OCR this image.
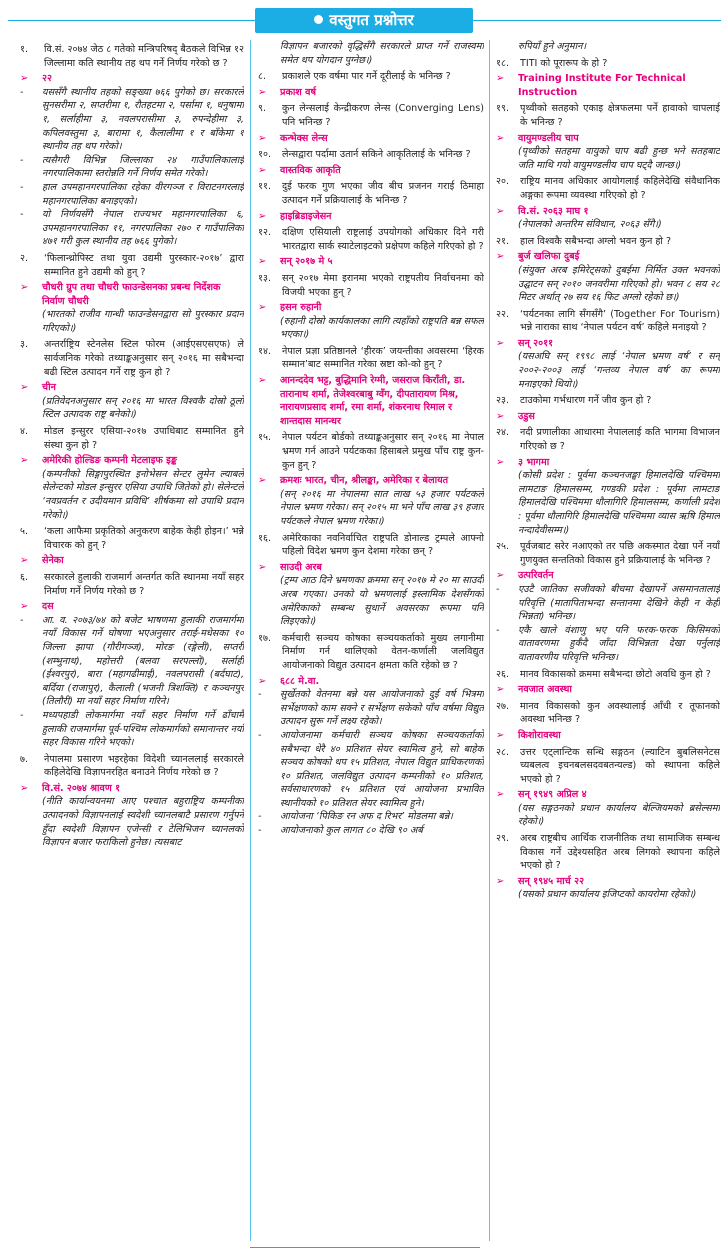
वस्तुगत प्रश्नोत्तर
१.	वि.सं. २०७४ जेठ ८ गतेको मन्त्रिपरिषद् बैठकले विभिन्न १२ जिल्लामा कति स्थानीय तह थप गर्ने निर्णय गरेको छ ?
➢	२२
-	यससँगै स्थानीय तहको सङ्ख्या ७६६ पुगेको छ। सरकारले सुनसरीमा २, सप्तरीमा १, रौतहटमा २, पर्सामा १, धनुषामा १, सर्लाहीमा ३, नवलपरासीमा ३, रुपन्देहीमा ३, कपिलवस्तुमा ३, बारामा १, कैलालीमा १ र बाँकेमा १ स्थानीय तह थप गरेको।
-	त्यसैगरी विभिन्न जिल्लाका २४ गाउँपालिकालाई नगरपालिकामा स्तरोन्नति गर्ने निर्णय समेत गरेको।
-	हाल उपमहानगरपालिका रहेका वीरगञ्ज र विराटनगरलाई महानगरपालिका बनाइएको।
-	यो निर्णयसँगै नेपाल राज्यभर महानगरपालिका ६, उपमहानगरपालिका ११, नगरपालिका २७० र गाउँपालिका ४७१ गरी कुल स्थानीय तह ७६६ पुगेको।
२.	‘फिलान्थ्रोपिस्ट तथा युवा उद्यमी पुरस्कार-२०१७’ द्वारा सम्मानित हुने उद्यमी को हुन् ?
➢	चौधरी ग्रुप तथा चौधरी फाउन्डेसनका प्रबन्ध निर्देशक निर्वाण चौधरी
(भारतको राजीव गान्धी फाउन्डेसनद्वारा सो पुरस्कार प्रदान गरिएको।)
३.	अन्तर्राष्ट्रिय स्टेनलेस स्टिल फोरम (आईएसएसएफ) ले सार्वजनिक गरेको तथ्याङ्कअनुसार सन् २०१६ मा सबैभन्दा बढी स्टिल उत्पादन गर्ने राष्ट्र कुन हो ?
➢	चीन
(प्रतिवेदनअनुसार सन् २०१६ मा भारत विश्वकै दोस्रो ठूलो स्टिल उत्पादक राष्ट्र बनेको।)
४.	मोडल इन्सुरर एसिया-२०१७ उपाधिबाट सम्मानित हुने संस्था कुन हो ?
➢	अमेरिकी होल्डिङ कम्पनी मेटलाइफ इङ्क
(कम्पनीको सिङ्गापुरस्थित इनोभेसन सेन्टर लुमेन ल्याबले सेलेन्टको मोडल इन्सुरर एसिया उपाधि जितेको हो। सेलेन्टले ‘नवप्रवर्तन र उदीयमान प्रविधि’ शीर्षकमा सो उपाधि प्रदान गरेको।)
५.	‘कला आफैमा प्रकृतिको अनुकरण बाहेक केही होइन।’ भन्ने विचारक को हुन् ?
➢	सेनेका
६.	सरकारले हुलाकी राजमार्ग अन्तर्गत कति स्थानमा नयाँ सहर निर्माण गर्ने निर्णय गरेको छ ?
➢	दस
-	आ. व. २०७३/७४ को बजेट भाषणमा हुलाकी राजमार्गमा नयाँ विकास गर्ने घोषणा भएअनुसार तराई-मधेसका १० जिल्ला झापा (गौरीगञ्ज), मोरङ (रङ्गेली), सप्तरी (शम्भुनाथ), महोत्तरी (बलवा सरपल्लो), सर्लाही (ईश्वरपुर), बारा (महागढीमाई), नवलपरासी (बर्दघाट), बर्दिया (राजापुर), कैलाली (भजनी त्रिशक्ति) र कञ्चनपुर (तिलौरी) मा नयाँ सहर निर्माण गरिने।
-	मध्यपहाडी लोकमार्गमा नयाँ सहर निर्माण गर्ने ढाँचामै हुलाकी राजमार्गमा पूर्व-पश्चिम लोकमार्गको समानान्तर नयाँ सहर विकास गरिने भएको।
७.	नेपालमा प्रसारण भइरहेका विदेशी च्यानललाई सरकारले कहिलेदेखि विज्ञापनरहित बनाउने निर्णय गरेको छ ?
➢	वि.सं. २०७४ श्रावण १
(नीति कार्यान्वयनमा आए पश्चात बहुराष्ट्रिय कम्पनीका उत्पादनको विज्ञापनलाई स्वदेशी च्यानलबाटै प्रसारण गर्नुपर्ने हुँदा स्वदेशी विज्ञापन एजेन्सी र टेलिभिजन च्यानलको विज्ञापन बजार फराकिलो हुनेछ। त्यसबाट
विज्ञापन बजारको वृद्धिसँगै सरकारले प्राप्त गर्ने राजस्वमा समेत थप योगदान पुग्नेछ।)
८.	प्रकाशले एक वर्षमा पार गर्ने दूरीलाई के भनिन्छ ?
➢	प्रकाश वर्ष
९.	कुन लेन्सलाई केन्द्रीकरण लेन्स (Converging Lens) पनि भनिन्छ ?
➢	कन्भेक्स लेन्स
१०.	लेन्सद्वारा पर्दामा उतार्न सकिने आकृतिलाई के भनिन्छ ?
➢	वास्तविक आकृति
११.	दुई फरक गुण भएका जीव बीच प्रजनन गराई ठिमाहा उत्पादन गर्ने प्रक्रियालाई के भनिन्छ ?
➢	हाइब्रिडाइजेसन
१२.	दक्षिण एसियाली राष्ट्रलाई उपयोगको अधिकार दिने गरी भारतद्वारा सार्क स्याटेलाइटको प्रक्षेपण कहिले गरिएको हो ?
➢	सन् २०१७ मे ५
१३.	सन् २०१७ मेमा इरानमा भएको राष्ट्रपतीय निर्वाचनमा को विजयी भएका हुन् ?
➢	हसन रुहानी
(रुहानी दोस्रो कार्यकालका लागि त्यहाँको राष्ट्रपति बन्न सफल भएका।)
१४.	नेपाल प्रज्ञा प्रतिष्ठानले ‘हीरक’ जयन्तीका अवसरमा ‘हिरक सम्मान’बाट सम्मानित गरेका स्रष्टा को-को हुन् ?
➢	आनन्ददेव भट्ट, बुद्धिमानि रेग्मी, जसराज किराँती, डा. तारानाथ शर्मा, तेजेश्वरबाबु ग्वँग, दीपतारायण मिश्र, नारायणप्रसाद शर्मा, रमा शर्मा, शंकरनाथ रिमाल र शान्तदास मानन्धर
१५.	नेपाल पर्यटन बोर्डको तथ्याङ्कअनुसार सन् २०१६ मा नेपाल भ्रमण गर्न आउने पर्यटकका हिसाबले प्रमुख पाँच राष्ट्र कुन-कुन हुन् ?
➢	क्रमशः भारत, चीन, श्रीलङ्का, अमेरिका र बेलायत
(सन् २०१६ मा नेपालमा सात लाख ५३ हजार पर्यटकले नेपाल भ्रमण गरेका। सन् २०१५ मा भने पाँच लाख ३९ हजार पर्यटकले नेपाल भ्रमण गरेका।)
१६.	अमेरिकाका नवनिर्वाचित राष्ट्रपति डोनाल्ड ट्रम्पले आफ्नो पहिलो विदेश भ्रमण कुन देशमा गरेका छन् ?
➢	साउदी अरब
(ट्रम्प आठ दिने भ्रमणका क्रममा सन् २०१७ मे २० मा साउदी अरब गएका। उनको यो भ्रमणलाई इस्लामिक देशसँगको अमेरिकाको सम्बन्ध सुधार्ने अवसरका रूपमा पनि लिइएको।)
१७.	कर्मचारी सञ्चय कोषका सञ्चयकर्ताको मुख्य लगानीमा निर्माण गर्न थालिएको वेतन-कर्णाली जलविद्युत आयोजनाको विद्युत उत्पादन क्षमता कति रहेको छ ?
➢	६८८ मे.वा.
-	सुर्खेतको वेतनमा बन्ने यस आयोजनाको दुई वर्ष भित्रमा सर्भेक्षणको काम सक्ने र सर्भेक्षण सकेको पाँच वर्षमा विद्युत उत्पादन सुरू गर्ने लक्ष्य रहेको।
-	आयोजनामा कर्मचारी सञ्चय कोषका सञ्चयकर्ताको सबैभन्दा धेरै ४० प्रतिशत सेयर स्वामित्व हुने, सो बाहेक सञ्चय कोषको थप १५ प्रतिशत, नेपाल विद्युत प्राधिकरणको १० प्रतिशत, जलविद्युत उत्पादन कम्पनीको १० प्रतिशत, सर्वसाधारणको १५ प्रतिशत एवं आयोजना प्रभावित स्थानीयको १० प्रतिशत सेयर स्वामित्व हुने।
-	आयोजना ‘पिकिङ रन अफ द रिभर’ मोडलमा बन्ने।
-	आयोजनाको कुल लागत ८० देखि ९० अर्ब
रुपियाँ हुने अनुमान।
१८.	TITI को पूरारूप के हो ?
➢	Training Institute For Technical Instruction
१९.	पृथ्वीको सतहको एकाइ क्षेत्रफलमा पर्ने हावाको चापलाई के भनिन्छ ?
➢	वायुमण्डलीय चाप
(पृथ्वीको सतहमा वायुको चाप बढी हुन्छ भने सतहबाट जति माथि गयो वायुमण्डलीय चाप घट्दै जान्छ।)
२०.	राष्ट्रिय मानव अधिकार आयोगलाई कहिलेदेखि संवैधानिक अङ्गका रूपमा व्यवस्था गरिएको हो ?
➢	वि.सं. २०६३ माघ १
(नेपालको अन्तरिम संविधान, २०६३ सँगै।)
२१.	हाल विश्वकै सबैभन्दा अग्लो भवन कुन हो ?
➢	बुर्ज खलिफा दुबई
(संयुक्त अरब इमिरेट्सको दुबईमा निर्मित उक्त भवनको उद्घाटन सन् २०१० जनवरीमा गरिएको हो। भवन ८ सय २८ मिटर अर्थात् २७ सय १६ फिट अग्लो रहेको छ।)
२२.	‘पर्यटनका लागि सँगसँगै’ (Together For Tourism) भन्ने नाराका साथ ‘नेपाल पर्यटन वर्ष’ कहिले मनाइयो ?
➢	सन् २०११
(यसअघि सन् १९९८ लाई ‘नेपाल भ्रमण वर्ष’ र सन् २००२-२००३ लाई ‘गन्तव्य नेपाल वर्ष’ का रूपमा मनाइएको थियो।)
२३.	टाउकोमा गर्भधारण गर्ने जीव कुन हो ?
➢	उडुस
२४.	नदी प्रणालीका आधारमा नेपाललाई कति भागमा विभाजन गरिएको छ ?
➢	३ भागमा
(कोसी प्रदेश : पूर्वमा कञ्चनजङ्घा हिमालदेखि पश्चिममा लामटाङ हिमालसम्म, गण्डकी प्रदेश : पूर्वमा लामटाङ हिमालदेखि पश्चिममा धौलागिरि हिमालसम्म, कर्णाली प्रदेश : पूर्वमा धौलागिरि हिमालदेखि पश्चिममा व्यास ऋषि हिमाल नन्दादेवीसम्म।)
२५.	पूर्वजबाट सरेर नआएको तर पछि अकस्मात देखा पर्ने नयाँ गुणयुक्त सन्ततिको विकास हुने प्रक्रियालाई के भनिन्छ ?
➢	उत्परिवर्तन
-	एउटै जातिका सजीवको बीचमा देखापर्ने असमानतालाई परिवृत्ति (मातापिताभन्दा सन्तानमा देखिने केही न केही भिन्नता) भनिन्छ।
-	एकै खाले वंशाणु भए पनि फरक-फरक किसिमको वातावरणमा हुर्कँदै जाँदा विभिन्नता देखा पर्नुलाई वातावरणीय परिवृत्ति भनिन्छ।
२६.	मानव विकासको क्रममा सबैभन्दा छोटो अवधि कुन हो ?
➢	नवजात अवस्था
२७.	मानव विकासको कुन अवस्थालाई आँधी र तूफानको अवस्था भनिन्छ ?
➢	किशोरावस्था
२८.	उत्तर एट्लान्टिक सन्धि सङ्गठन (ल्याटिन बुबलिसनेटस च्यबलत्व इचनबलसदवबतन्यल्ड) को स्थापना कहिले भएको हो ?
➢	सन् १९४९ अप्रिल ४
(यस सङ्गठनको प्रधान कार्यालय बेल्जियमको ब्रसेल्समा रहेको।)
२९.	अरब राष्ट्रबीच आर्थिक राजनीतिक तथा सामाजिक सम्बन्ध विकास गर्ने उद्देश्यसहित अरब लिगको स्थापना कहिले भएको हो ?
➢	सन् १९४५ मार्च २२
(यसको प्रधान कार्यालय इजिप्टको कायरोमा रहेको।)
